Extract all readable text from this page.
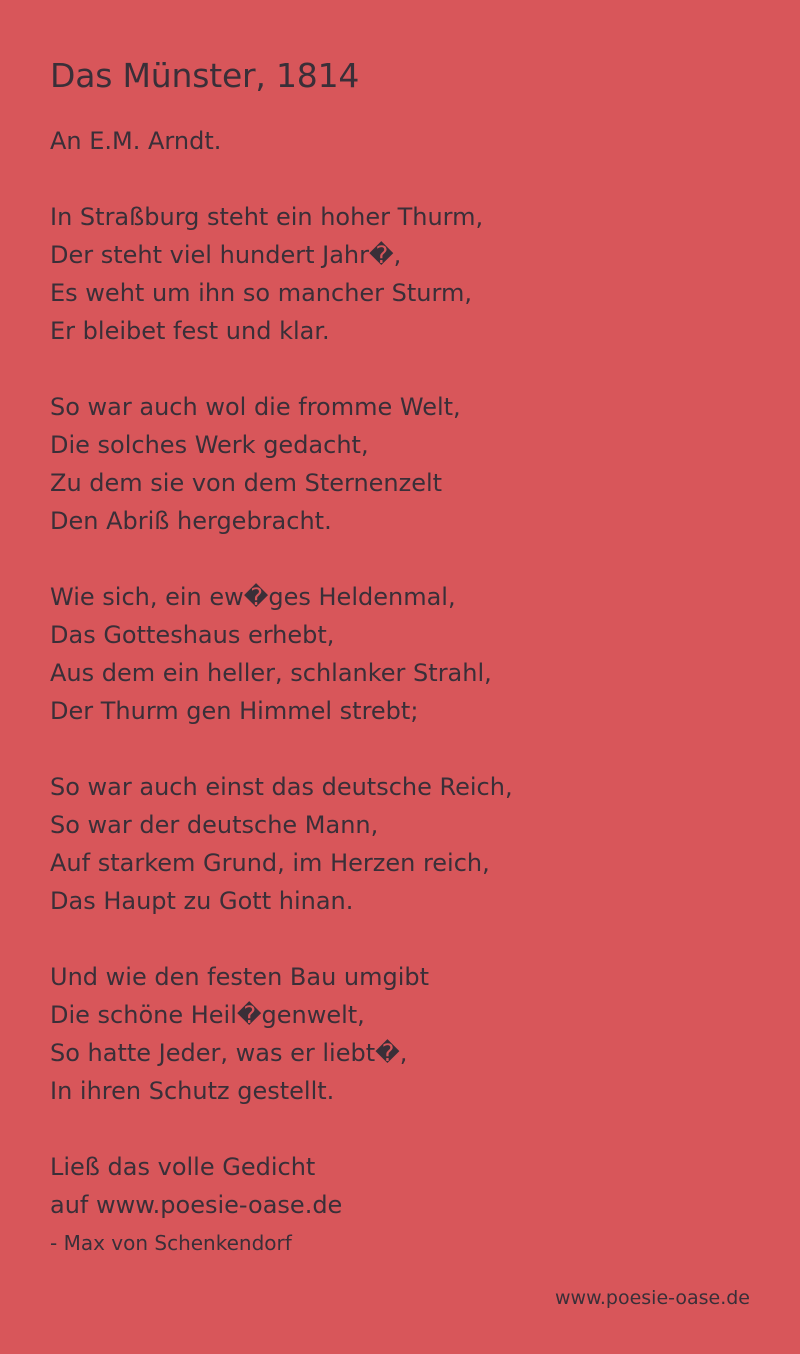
Das Münster, 1814
An E.M. Arndt.
In Straßburg steht ein hoher Thurm,
Der steht viel hundert Jahr�,
Es weht um ihn so mancher Sturm,
Er bleibet fest und klar.
So war auch wol die fromme Welt,
Die solches Werk gedacht,
Zu dem sie von dem Sternenzelt
Den Abriß hergebracht.
Wie sich, ein ew�ges Heldenmal,
Das Gotteshaus erhebt,
Aus dem ein heller, schlanker Strahl,
Der Thurm gen Himmel strebt;
So war auch einst das deutsche Reich,
So war der deutsche Mann,
Auf starkem Grund, im Herzen reich,
Das Haupt zu Gott hinan.
Und wie den festen Bau umgibt
Die schöne Heil�genwelt,
So hatte Jeder, was er liebt�,
In ihren Schutz gestellt.
Ließ das volle Gedicht
auf www.poesie-oase.de
- Max von Schenkendorf
www.poesie-oase.de
